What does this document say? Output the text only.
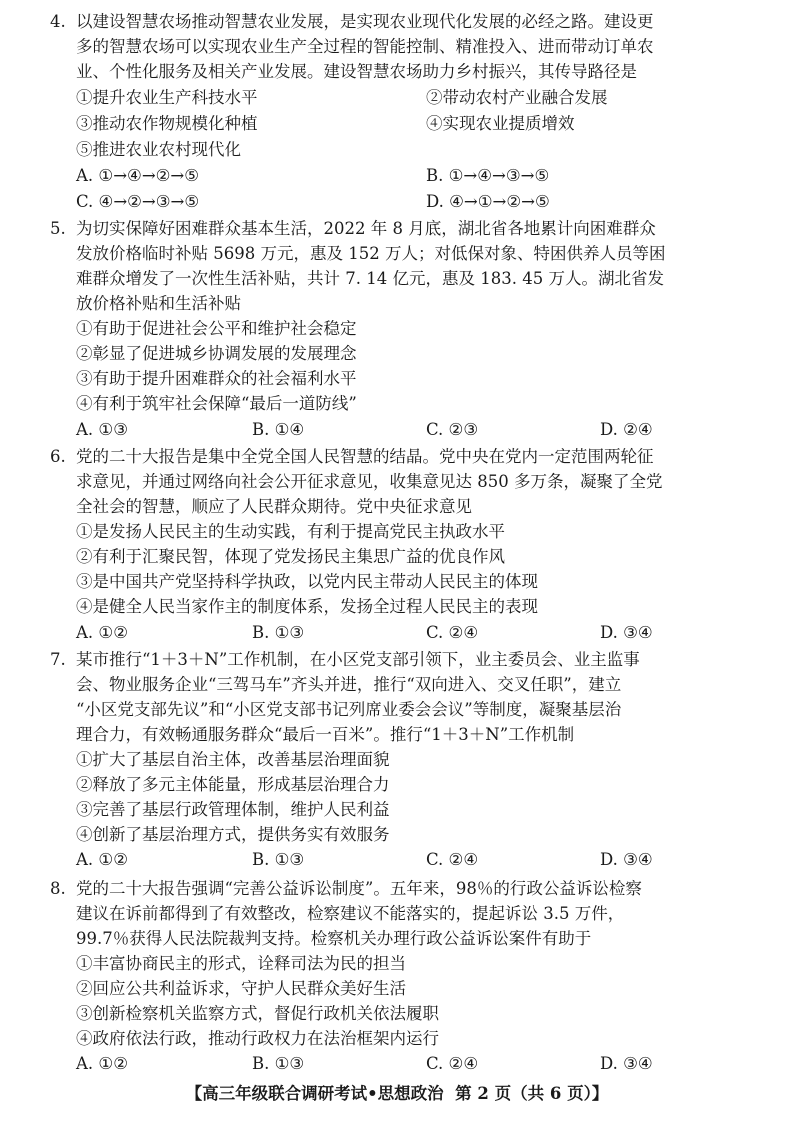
4. 以建设智慧农场推动智慧农业发展，是实现农业现代化发展的必经之路。建设更
多的智慧农场可以实现农业生产全过程的智能控制、精准投入、进而带动订单农
业、个性化服务及相关产业发展。建设智慧农场助力乡村振兴，其传导路径是
①提升农业生产科技水平	②带动农村产业融合发展
③推动农作物规模化种植	④实现农业提质增效
⑤推进农业农村现代化
A. ①→④→②→⑤	B. ①→④→③→⑤
C. ④→②→③→⑤	D. ④→①→②→⑤
5. 为切实保障好困难群众基本生活，2022 年 8 月底，湖北省各地累计向困难群众
发放价格临时补贴 5698 万元，惠及 152 万人；对低保对象、特困供养人员等困
难群众增发了一次性生活补贴，共计 7. 14 亿元，惠及 183. 45 万人。湖北省发
放价格补贴和生活补贴
①有助于促进社会公平和维护社会稳定
②彰显了促进城乡协调发展的发展理念
③有助于提升困难群众的社会福利水平
④有利于筑牢社会保障“最后一道防线”
A. ①③	B. ①④	C. ②③	D. ②④
6. 党的二十大报告是集中全党全国人民智慧的结晶。党中央在党内一定范围两轮征
求意见，并通过网络向社会公开征求意见，收集意见达 850 多万条，凝聚了全党
全社会的智慧，顺应了人民群众期待。党中央征求意见
①是发扬人民民主的生动实践，有利于提高党民主执政水平
②有利于汇聚民智，体现了党发扬民主集思广益的优良作风
③是中国共产党坚持科学执政，以党内民主带动人民民主的体现
④是健全人民当家作主的制度体系，发扬全过程人民民主的表现
A. ①②	B. ①③	C. ②④	D. ③④
7. 某市推行“1＋3＋N”工作机制，在小区党支部引领下，业主委员会、业主监事
会、物业服务企业“三驾马车”齐头并进，推行“双向进入、交叉任职”，建立
“小区党支部先议”和“小区党支部书记列席业委会会议”等制度，凝聚基层治
理合力，有效畅通服务群众“最后一百米”。推行“1＋3＋N”工作机制
①扩大了基层自治主体，改善基层治理面貌
②释放了多元主体能量，形成基层治理合力
③完善了基层行政管理体制，维护人民利益
④创新了基层治理方式，提供务实有效服务
A. ①②	B. ①③	C. ②④	D. ③④
8. 党的二十大报告强调“完善公益诉讼制度”。五年来，98％的行政公益诉讼检察
建议在诉前都得到了有效整改，检察建议不能落实的，提起诉讼 3.5 万件，
99.7％获得人民法院裁判支持。检察机关办理行政公益诉讼案件有助于
①丰富协商民主的形式，诠释司法为民的担当
②回应公共利益诉求，守护人民群众美好生活
③创新检察机关监察方式，督促行政机关依法履职
④政府依法行政，推动行政权力在法治框架内运行
A. ①②	B. ①③	C. ②④	D. ③④
【高三年级联合调研考试•思想政治 第 2 页（共 6 页）】
